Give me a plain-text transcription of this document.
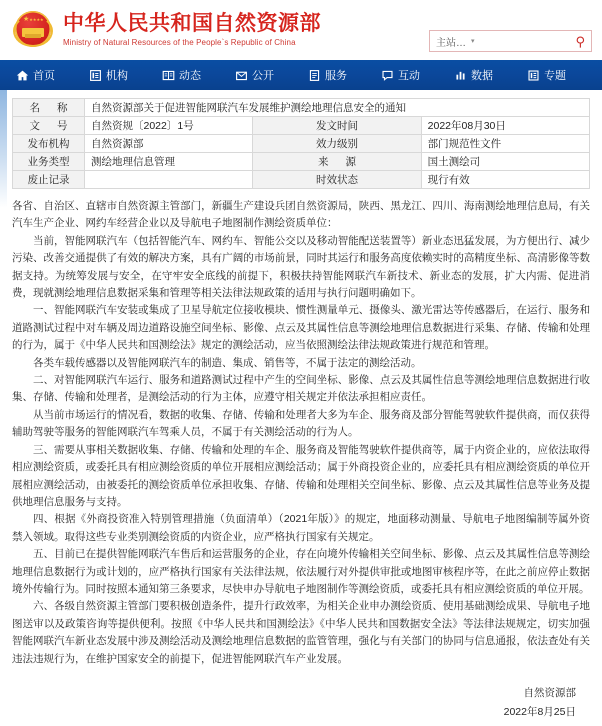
★★★★★ 中华人民共和国自然资源部
Ministry of Natural Resources of the People`s Republic of China	主站… ▾	⚲
首页	机构	动态	公开	服务	互动	数据	专题
名 称	自然资源部关于促进智能网联汽车发展维护测绘地理信息安全的通知		
文 号	自然资规〔2022〕1号	发文时间	2022年08月30日
发布机构	自然资源部	效力级别	部门规范性文件
业务类型	测绘地理信息管理	来 源	国土测绘司
废止记录		时效状态	现行有效

各省、自治区、直辖市自然资源主管部门，新疆生产建设兵团自然资源局，陕西、黑龙江、四川、海南测绘地理信息局，有关汽车生产企业、网约车经营企业以及导航电子地图制作测绘资质单位：

当前，智能网联汽车（包括智能汽车、网约车、智能公交以及移动智能配送装置等）新业态迅猛发展，为方便出行、减少污染、改善交通提供了有效的解决方案，具有广阔的市场前景，同时其运行和服务高度依赖实时的高精度坐标、高清影像等数据支持。为统筹发展与安全，在守牢安全底线的前提下，积极扶持智能网联汽车新技术、新业态的发展，扩大内需、促进消费，现就测绘地理信息数据采集和管理等相关法律法规政策的适用与执行问题明确如下。

一、智能网联汽车安装或集成了卫星导航定位接收模块、惯性测量单元、摄像头、激光雷达等传感器后，在运行、服务和道路测试过程中对车辆及周边道路设施空间坐标、影像、点云及其属性信息等测绘地理信息数据进行采集、存储、传输和处理的行为，属于《中华人民共和国测绘法》规定的测绘活动，应当依照测绘法律法规政策进行规范和管理。

各类车载传感器以及智能网联汽车的制造、集成、销售等，不属于法定的测绘活动。

二、对智能网联汽车运行、服务和道路测试过程中产生的空间坐标、影像、点云及其属性信息等测绘地理信息数据进行收集、存储、传输和处理者，是测绘活动的行为主体，应遵守相关规定并依法承担相应责任。

从当前市场运行的情况看，数据的收集、存储、传输和处理者大多为车企、服务商及部分智能驾驶软件提供商，而仅获得辅助驾驶等服务的智能网联汽车驾乘人员，不属于有关测绘活动的行为人。

三、需要从事相关数据收集、存储、传输和处理的车企、服务商及智能驾驶软件提供商等，属于内资企业的，应依法取得相应测绘资质，或委托具有相应测绘资质的单位开展相应测绘活动；属于外商投资企业的，应委托具有相应测绘资质的单位开展相应测绘活动，由被委托的测绘资质单位承担收集、存储、传输和处理相关空间坐标、影像、点云及其属性信息等业务及提供地理信息服务与支持。

四、根据《外商投资准入特别管理措施（负面清单）（2021年版）》的规定，地面移动测量、导航电子地图编制等属外资禁入领域。取得这些专业类别测绘资质的内资企业，应严格执行国家有关规定。

五、目前已在提供智能网联汽车售后和运营服务的企业，存在向境外传输相关空间坐标、影像、点云及其属性信息等测绘地理信息数据行为或计划的，应严格执行国家有关法律法规，依法履行对外提供审批或地图审核程序等，在此之前应停止数据境外传输行为。同时按照本通知第三条要求，尽快申办导航电子地图制作等测绘资质，或委托具有相应测绘资质的单位开展。

六、各级自然资源主管部门要积极创造条件，提升行政效率，为相关企业申办测绘资质、使用基础测绘成果、导航电子地图送审以及政策咨询等提供便利。按照《中华人民共和国测绘法》《中华人民共和国数据安全法》等法律法规规定，切实加强智能网联汽车新业态发展中涉及测绘活动及测绘地理信息数据的监管管理，强化与有关部门的协同与信息通报，依法查处有关违法违规行为，在维护国家安全的前提下，促进智能网联汽车产业发展。

自然资源部
2022年8月25日
